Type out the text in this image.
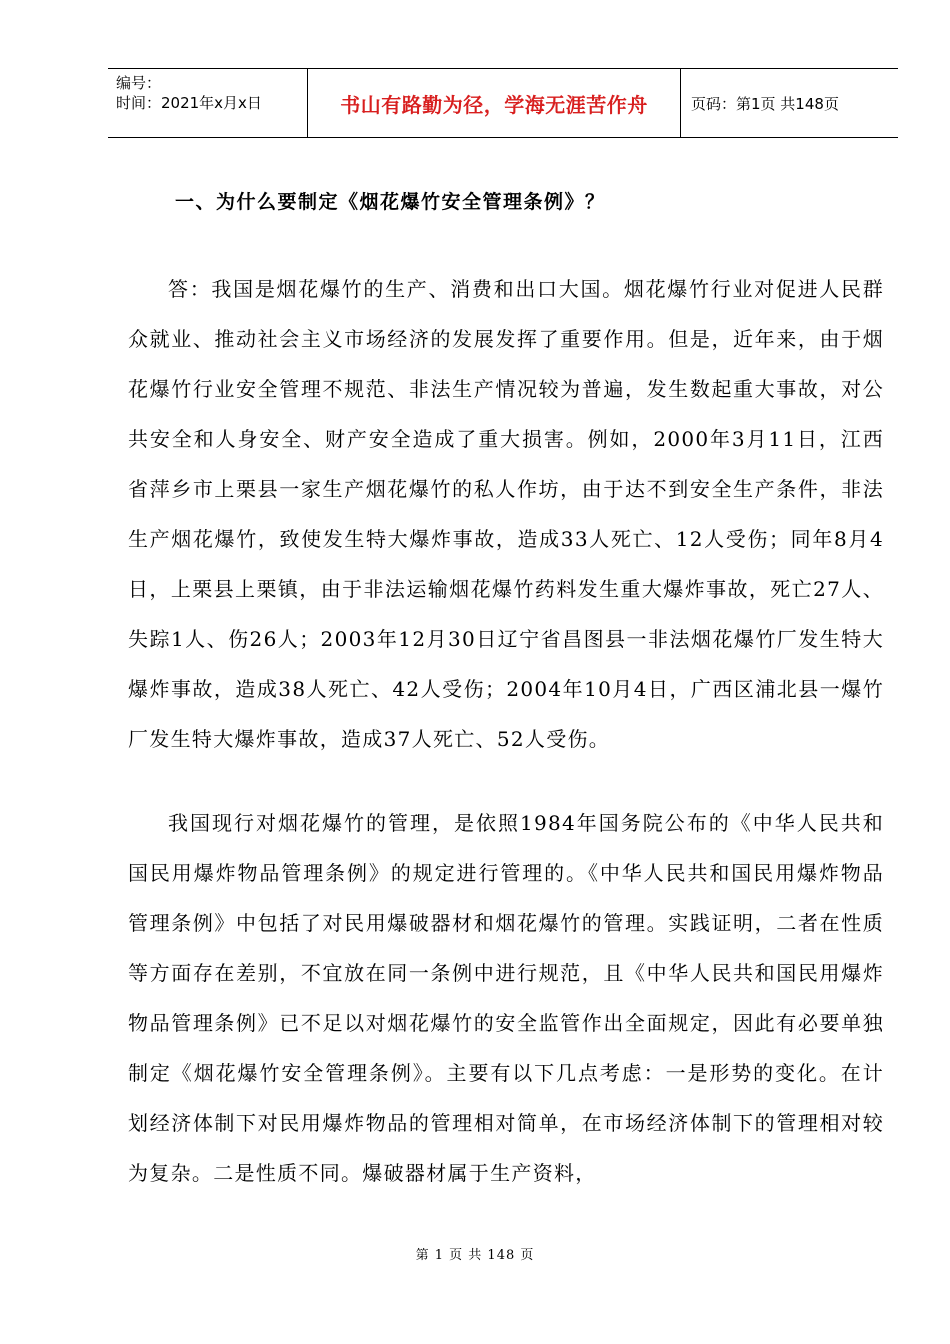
编号：
时间：2021年x月x日	书山有路勤为径，学海无涯苦作舟	页码：第1页 共148页
一、为什么要制定《烟花爆竹安全管理条例》？

答：我国是烟花爆竹的生产、消费和出口大国。烟花爆竹行业对促进人民群众就业、推动社会主义市场经济的发展发挥了重要作用。但是，近年来，由于烟花爆竹行业安全管理不规范、非法生产情况较为普遍，发生数起重大事故，对公共安全和人身安全、财产安全造成了重大损害。例如，2000年3月11日，江西省萍乡市上栗县一家生产烟花爆竹的私人作坊，由于达不到安全生产条件，非法生产烟花爆竹，致使发生特大爆炸事故，造成33人死亡、12人受伤；同年8月4日，上栗县上栗镇，由于非法运输烟花爆竹药料发生重大爆炸事故，死亡27人、失踪1人、伤26人；2003年12月30日辽宁省昌图县一非法烟花爆竹厂发生特大爆炸事故，造成38人死亡、42人受伤；2004年10月4日，广西区浦北县一爆竹厂发生特大爆炸事故，造成37人死亡、52人受伤。

我国现行对烟花爆竹的管理，是依照1984年国务院公布的《中华人民共和国民用爆炸物品管理条例》的规定进行管理的。《中华人民共和国民用爆炸物品管理条例》中包括了对民用爆破器材和烟花爆竹的管理。实践证明，二者在性质等方面存在差别，不宜放在同一条例中进行规范，且《中华人民共和国民用爆炸物品管理条例》已不足以对烟花爆竹的安全监管作出全面规定，因此有必要单独制定《烟花爆竹安全管理条例》。主要有以下几点考虑：一是形势的变化。在计划经济体制下对民用爆炸物品的管理相对简单，在市场经济体制下的管理相对较为复杂。二是性质不同。爆破器材属于生产资料，

第 1 页 共 148 页
